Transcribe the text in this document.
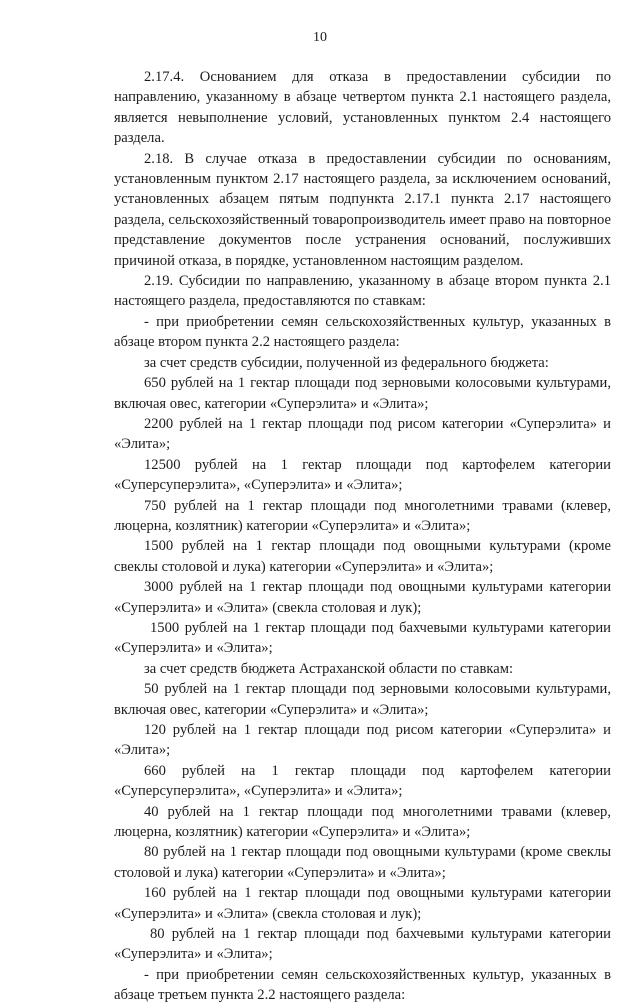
10

2.17.4. Основанием для отказа в предоставлении субсидии по направлению, указанному в абзаце четвертом пункта 2.1 настоящего раздела, является невыполнение условий, установленных пунктом 2.4 настоящего раздела.

2.18. В случае отказа в предоставлении субсидии по основаниям, установленным пунктом 2.17 настоящего раздела, за исключением оснований, установленных абзацем пятым подпункта 2.17.1 пункта 2.17 настоящего раздела, сельскохозяйственный товаропроизводитель имеет право на повторное представление документов после устранения оснований, послуживших причиной отказа, в порядке, установленном настоящим разделом.

2.19. Субсидии по направлению, указанному в абзаце втором пункта 2.1 настоящего раздела, предоставляются по ставкам:

- при приобретении семян сельскохозяйственных культур, указанных в абзаце втором пункта 2.2 настоящего раздела:

за счет средств субсидии, полученной из федерального бюджета:

650 рублей на 1 гектар площади под зерновыми колосовыми культурами, включая овес, категории «Суперэлита» и «Элита»;

2200 рублей на 1 гектар площади под рисом категории «Суперэлита» и «Элита»;

12500 рублей на 1 гектар площади под картофелем категории «Суперсуперэлита», «Суперэлита» и «Элита»;

750 рублей на 1 гектар площади под многолетними травами (клевер, люцерна, козлятник) категории «Суперэлита» и «Элита»;

1500 рублей на 1 гектар площади под овощными культурами (кроме свеклы столовой и лука) категории «Суперэлита» и «Элита»;

3000 рублей на 1 гектар площади под овощными культурами категории «Суперэлита» и «Элита» (свекла столовая и лук);

1500 рублей на 1 гектар площади под бахчевыми культурами категории «Суперэлита» и «Элита»;

за счет средств бюджета Астраханской области по ставкам:

50 рублей на 1 гектар площади под зерновыми колосовыми культурами, включая овес, категории «Суперэлита» и «Элита»;

120 рублей на 1 гектар площади под рисом категории «Суперэлита» и «Элита»;

660 рублей на 1 гектар площади под картофелем категории «Суперсуперэлита», «Суперэлита» и «Элита»;

40 рублей на 1 гектар площади под многолетними травами (клевер, люцерна, козлятник) категории «Суперэлита» и «Элита»;

80 рублей на 1 гектар площади под овощными культурами (кроме свеклы столовой и лука) категории «Суперэлита» и «Элита»;

160 рублей на 1 гектар площади под овощными культурами категории «Суперэлита» и «Элита» (свекла столовая и лук);

80 рублей на 1 гектар площади под бахчевыми культурами категории «Суперэлита» и «Элита»;

- при приобретении семян сельскохозяйственных культур, указанных в абзаце третьем пункта 2.2 настоящего раздела:
